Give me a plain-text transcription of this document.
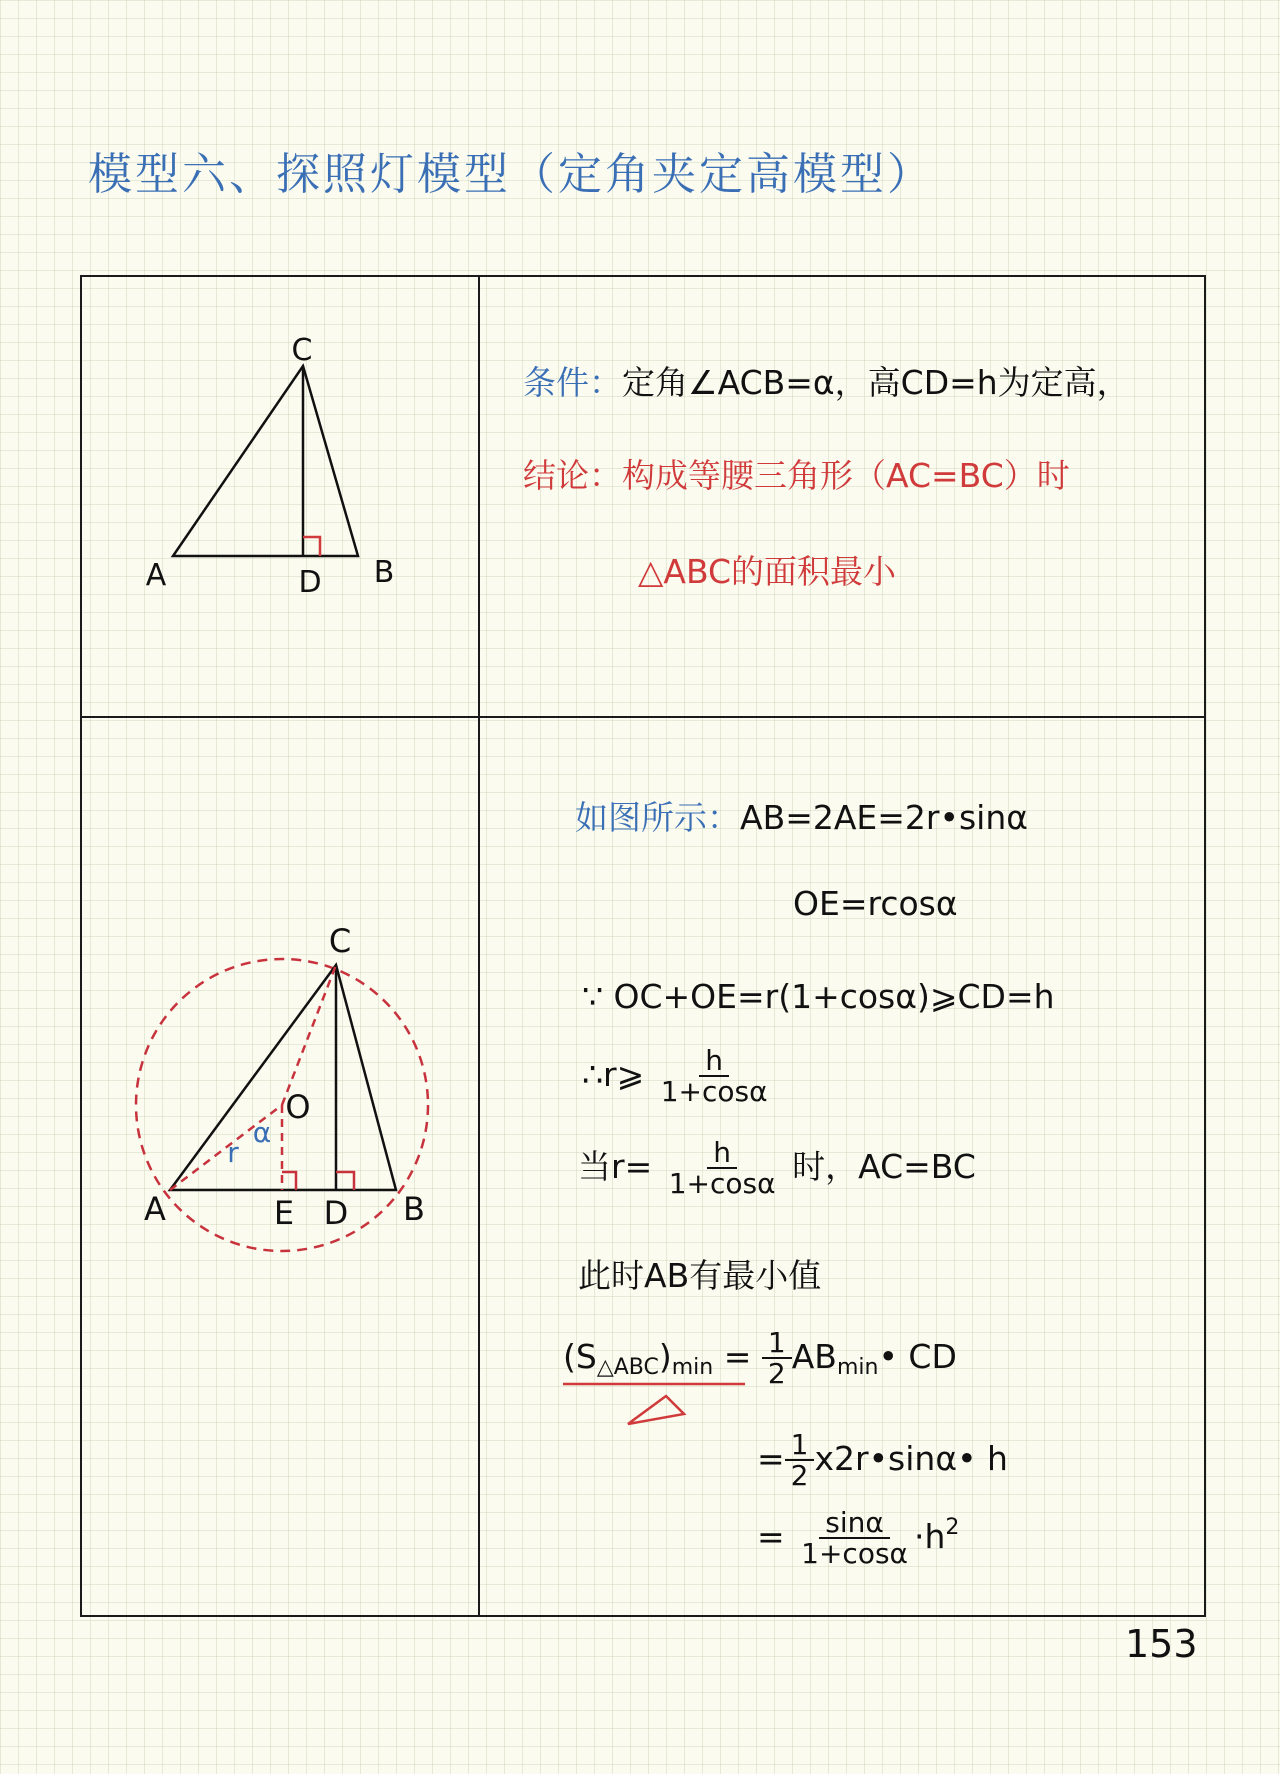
模型六、探照灯模型（定角夹定高模型）
C
A	D B
C
O
A	E D B
r
α
条件：定角∠ACB=α，高CD=h为定高，
结论：构成等腰三角形（AC=BC）时
△ABC的面积最小
如图所示：AB=2AE=2r•sinα
OE=rcosα
∵ OC+OE=r(1+cosα)⩾CD=h
∴r⩾ $\frac{h}{1+\cos\alpha}$
当$r= \frac{h}{1+\cos\alpha}$ 时，AC=BC
此时AB有最小值
$(S_{\triangle ABC})_{min} = \frac{1}{2}$ $AB_{min}•$ CD
= $\frac{1}{2}$ x2r•sinα• h
= $\frac{\sin\alpha}{1+\cos\alpha} \cdot h^2$
153
